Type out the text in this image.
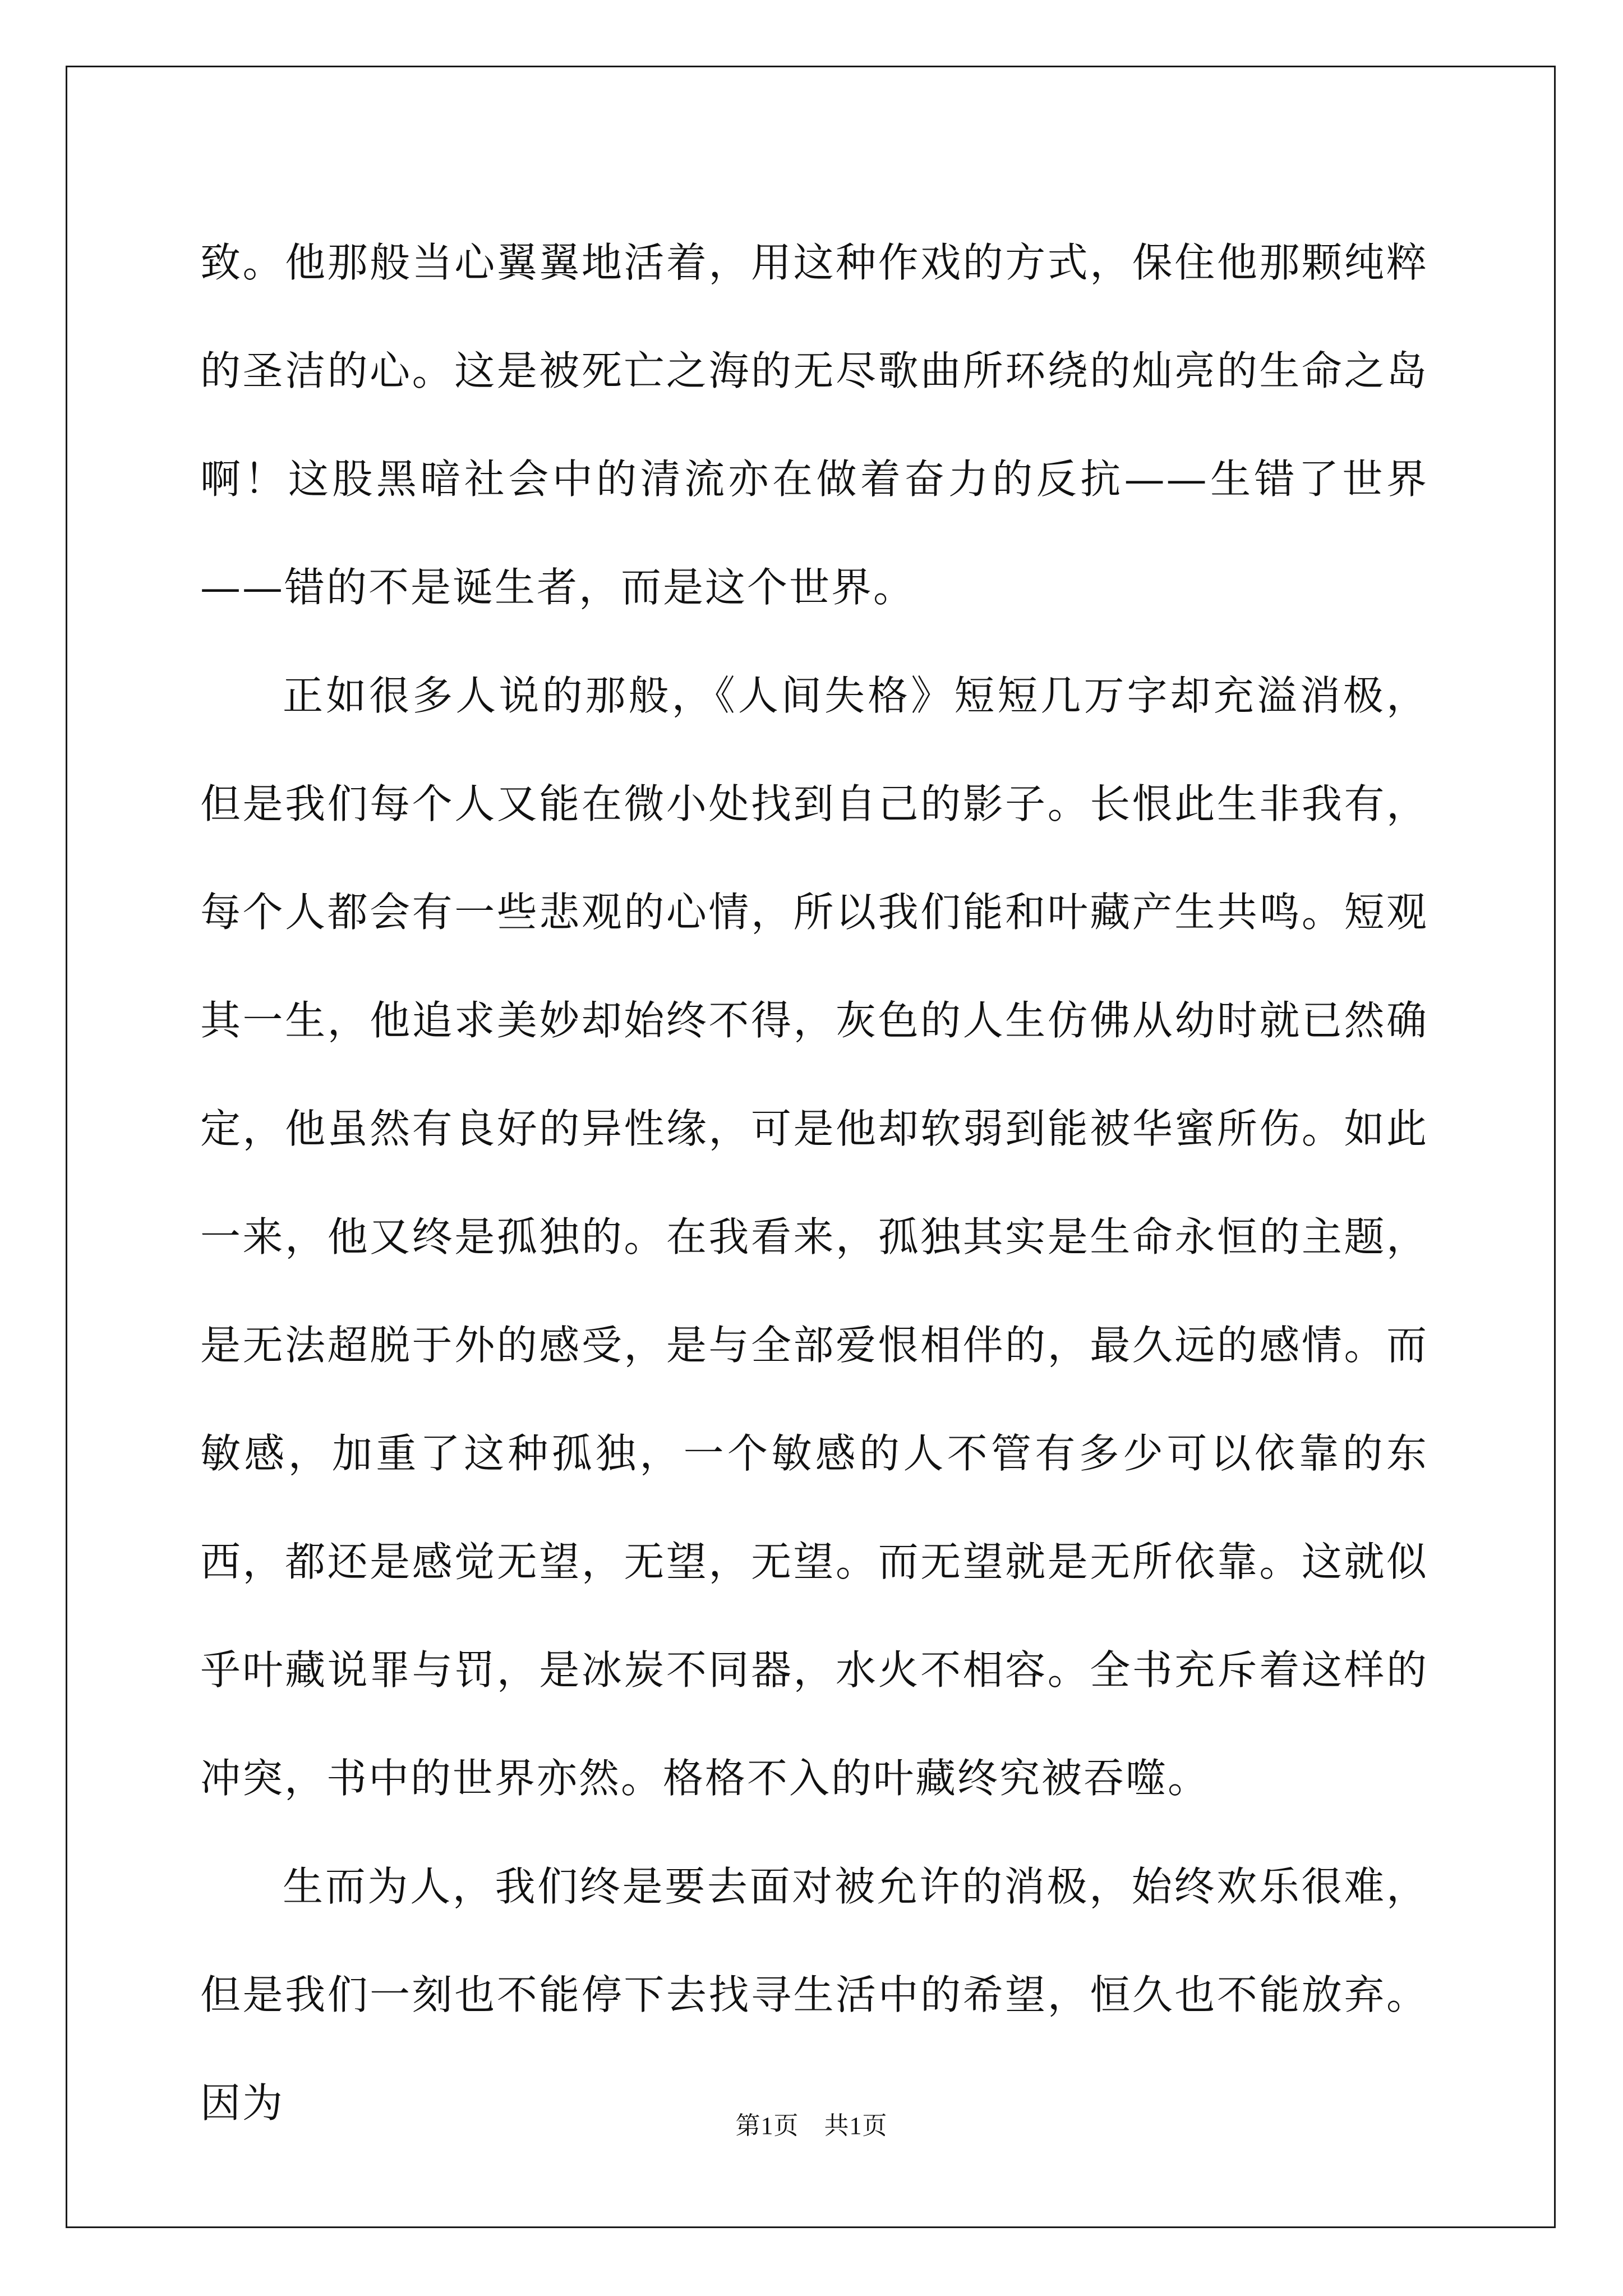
致。他那般当心翼翼地活着，用这种作戏的方式，保住他那颗纯粹的圣洁的心。这是被死亡之海的无尽歌曲所环绕的灿亮的生命之岛啊！这股黑暗社会中的清流亦在做着奋力的反抗——生错了世界——错的不是诞生者，而是这个世界。

正如很多人说的那般，《人间失格》短短几万字却充溢消极，但是我们每个人又能在微小处找到自己的影子。长恨此生非我有，每个人都会有一些悲观的心情，所以我们能和叶藏产生共鸣。短观其一生，他追求美妙却始终不得，灰色的人生仿佛从幼时就已然确定，他虽然有良好的异性缘，可是他却软弱到能被华蜜所伤。如此一来，他又终是孤独的。在我看来，孤独其实是生命永恒的主题，是无法超脱于外的感受，是与全部爱恨相伴的，最久远的感情。而敏感，加重了这种孤独，一个敏感的人不管有多少可以依靠的东西，都还是感觉无望，无望，无望。而无望就是无所依靠。这就似乎叶藏说罪与罚，是冰炭不同器，水火不相容。全书充斥着这样的冲突，书中的世界亦然。格格不入的叶藏终究被吞噬。

生而为人，我们终是要去面对被允许的消极，始终欢乐很难，但是我们一刻也不能停下去找寻生活中的希望，恒久也不能放弃。因为	第1页　共1页
